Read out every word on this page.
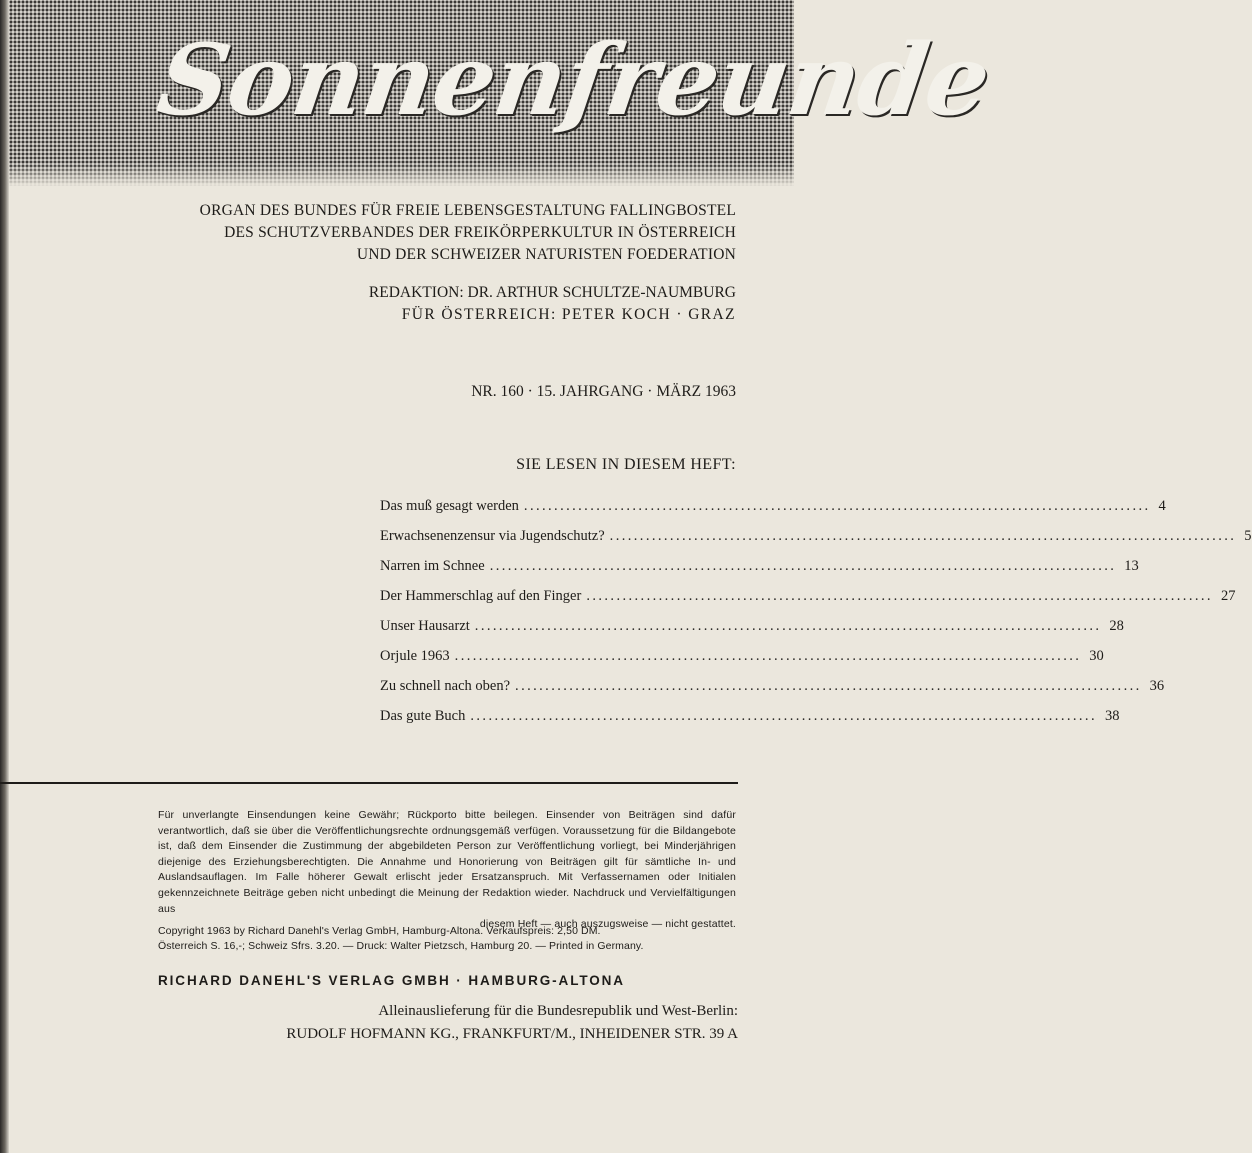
Sonnenfreunde
ORGAN DES BUNDES FÜR FREIE LEBENSGESTALTUNG FALLINGBOSTEL
DES SCHUTZVERBANDES DER FREIKÖRPERKULTUR IN ÖSTERREICH
UND DER SCHWEIZER NATURISTEN FOEDERATION
REDAKTION: DR. ARTHUR SCHULTZE-NAUMBURG
FÜR ÖSTERREICH: PETER KOCH · GRAZ
NR. 160 · 15. JAHRGANG · MÄRZ 1963
SIE LESEN IN DIESEM HEFT:
Das muß gesagt werden .....	4
Erwachsenenzensur via Jugendschutz? .....	5
Narren im Schnee .....	13
Der Hammerschlag auf den Finger .....	27
Unser Hausarzt .....	28
Orjule 1963 .....	30
Zu schnell nach oben? .....	36
Das gute Buch .....	38

Für unverlangte Einsendungen keine Gewähr; Rückporto bitte beilegen. Einsender von Beiträgen sind dafür verantwortlich, daß sie über die Veröffentlichungsrechte ordnungsgemäß verfügen. Voraussetzung für die Bildangebote ist, daß dem Einsender die Zustimmung der abgebildeten Person zur Veröffentlichung vorliegt, bei Minderjährigen diejenige des Erziehungsberechtigten. Die Annahme und Honorierung von Beiträgen gilt für sämtliche In- und Auslandsauflagen. Im Falle höherer Gewalt erlischt jeder Ersatzanspruch. Mit Verfassernamen oder Initialen gekennzeichnete Beiträge geben nicht unbedingt die Meinung der Redaktion wieder. Nachdruck und Vervielfältigungen aus
diesem Heft — auch auszugsweise — nicht gestattet.

Copyright 1963 by Richard Danehl's Verlag GmbH, Hamburg-Altona. Verkaufspreis: 2,50 DM.
Österreich S. 16,-; Schweiz Sfrs. 3.20. — Druck: Walter Pietzsch, Hamburg 20. — Printed in Germany.
RICHARD DANEHL'S VERLAG GMBH · HAMBURG-ALTONA
Alleinauslieferung für die Bundesrepublik und West-Berlin:
RUDOLF HOFMANN KG., FRANKFURT/M., INHEIDENER STR. 39 A
